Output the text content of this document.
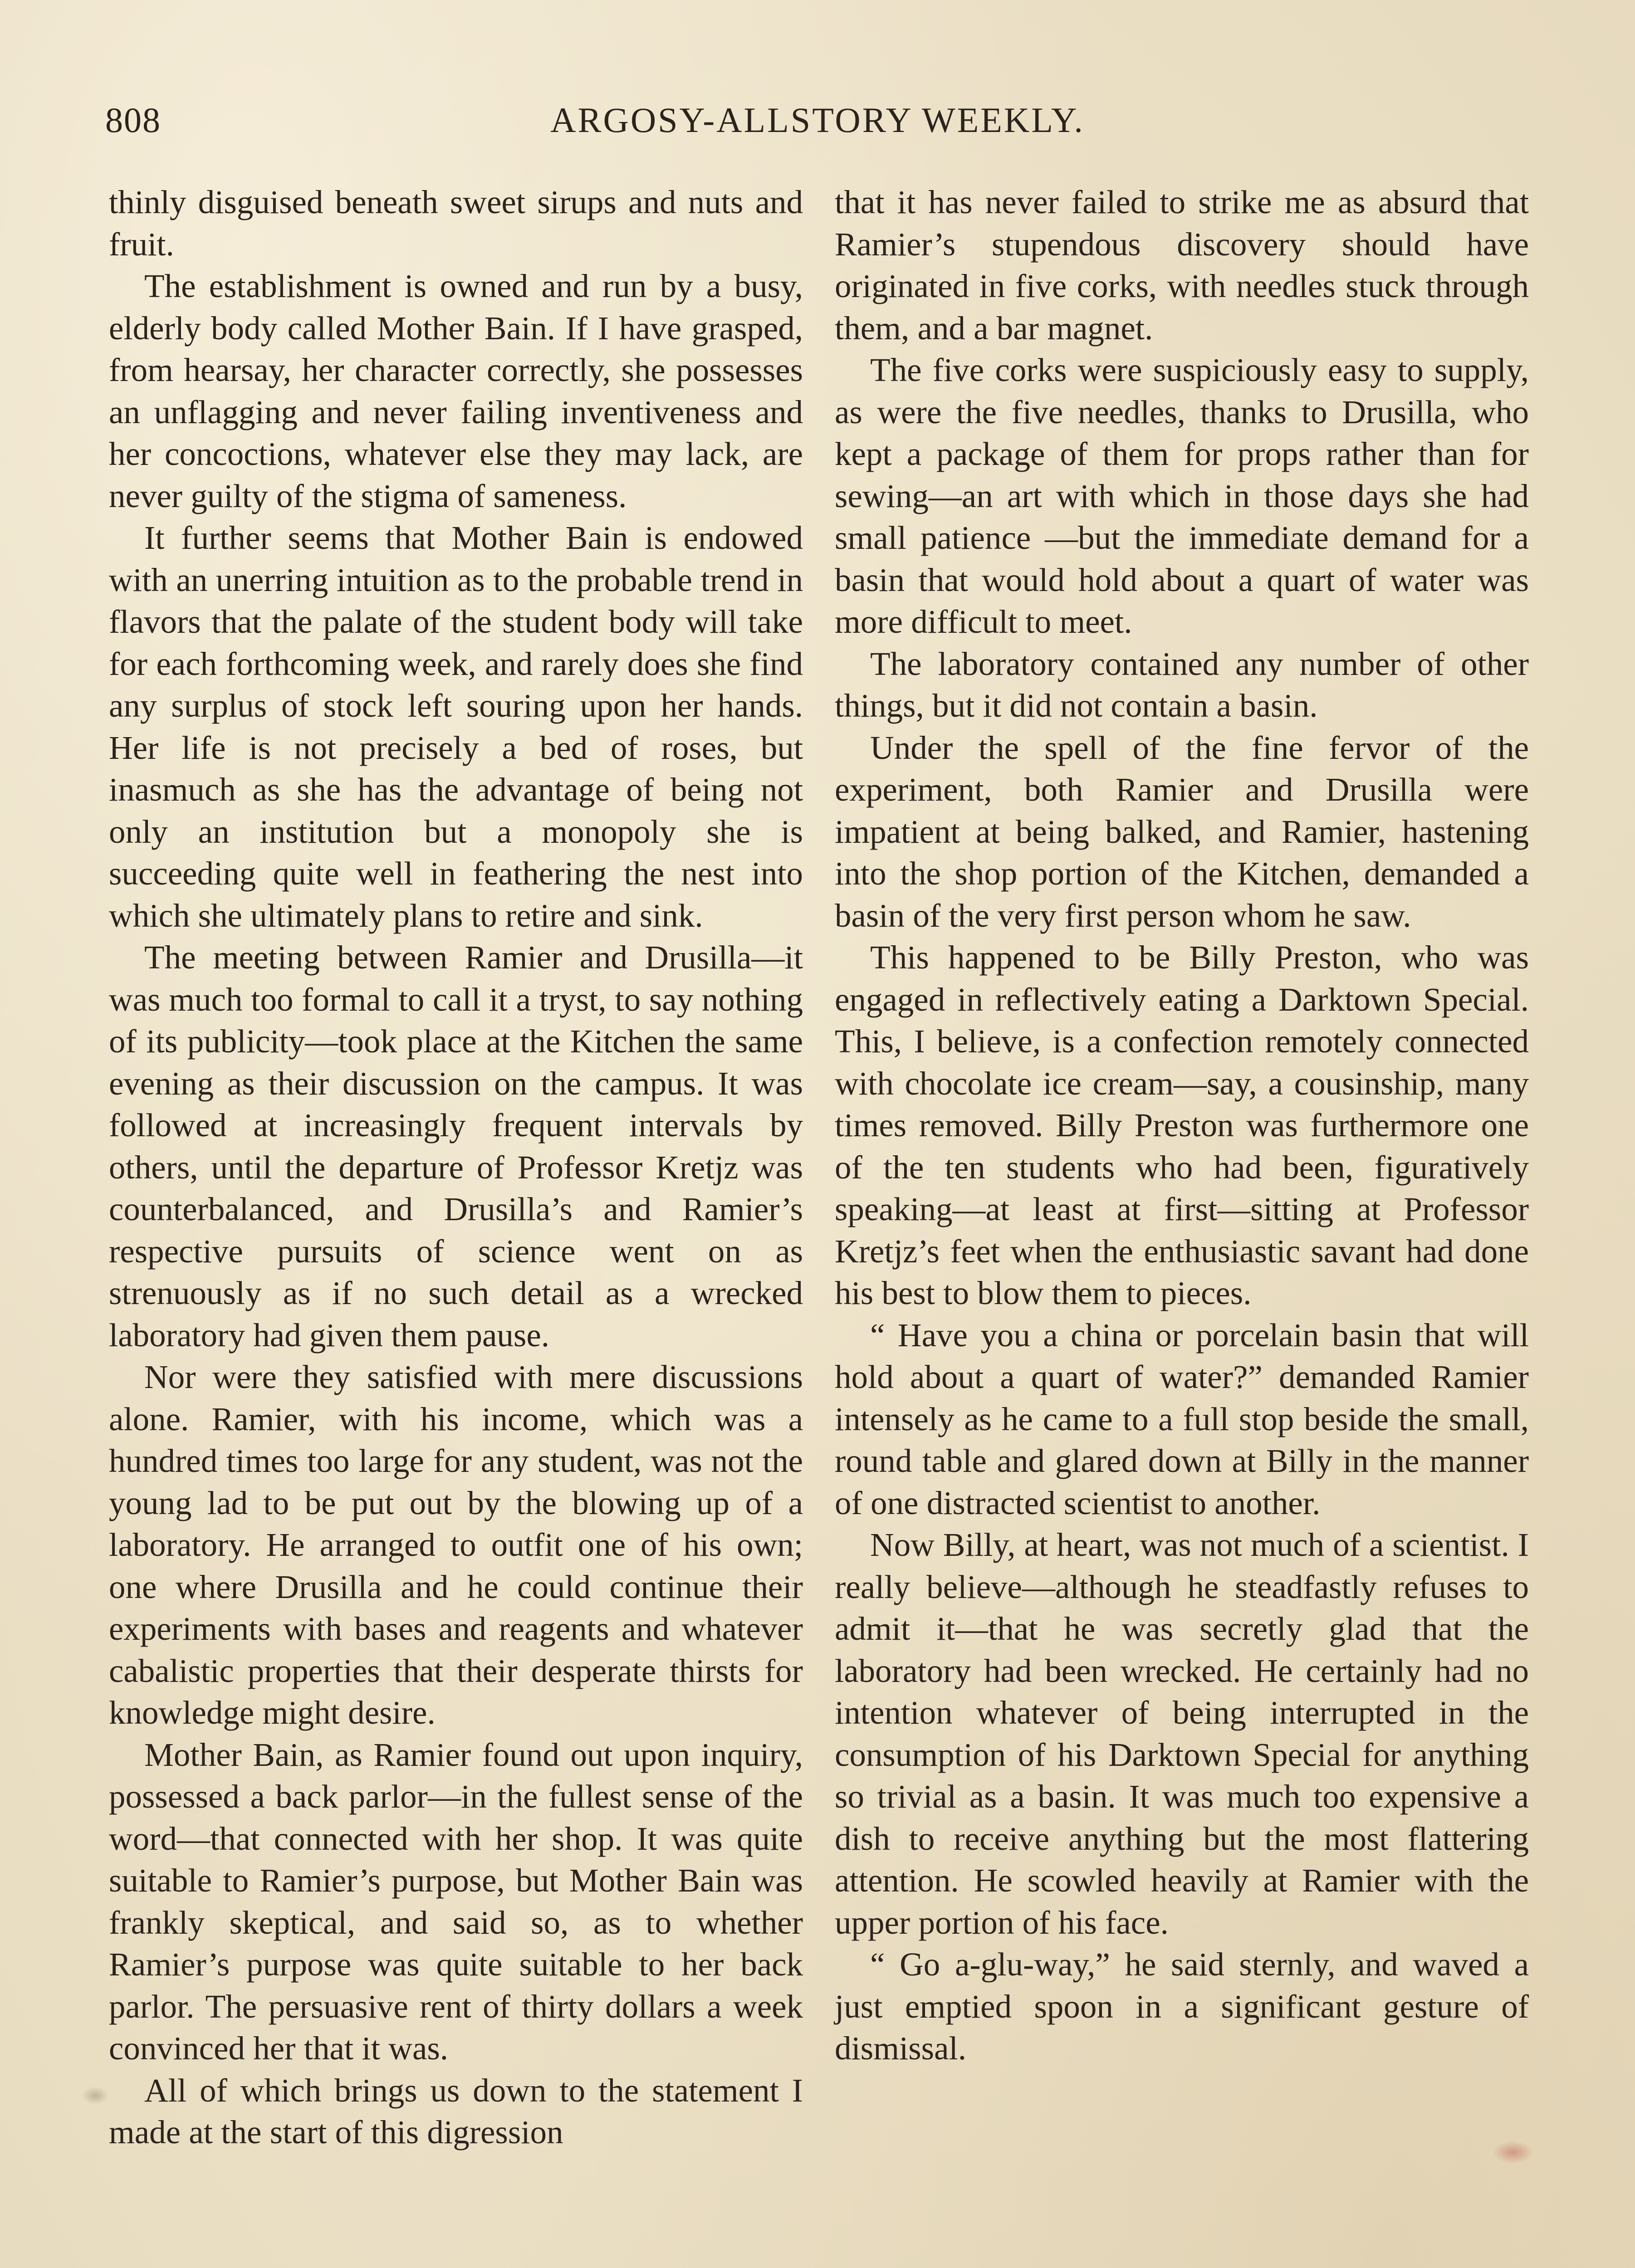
808	ARGOSY-ALLSTORY WEEKLY.

thinly disguised beneath sweet sirups and nuts and fruit.

The establishment is owned and run by a busy, elderly body called Mother Bain. If I have grasped, from hearsay, her character correctly, she possesses an unflagging and never failing inventiveness and her concoctions, whatever else they may lack, are never guilty of the stigma of sameness.

It further seems that Mother Bain is endowed with an unerring intuition as to the probable trend in flavors that the palate of the student body will take for each forthcoming week, and rarely does she find any surplus of stock left souring upon her hands. Her life is not precisely a bed of roses, but inasmuch as she has the advantage of being not only an institution but a monopoly she is succeeding quite well in feathering the nest into which she ultimately plans to retire and sink.

The meeting between Ramier and Drusilla—it was much too formal to call it a tryst, to say nothing of its publicity—took place at the Kitchen the same evening as their discussion on the campus. It was followed at increasingly frequent intervals by others, until the departure of Professor Kretjz was counterbalanced, and Drusilla’s and Ramier’s respective pursuits of science went on as strenuously as if no such detail as a wrecked laboratory had given them pause.

Nor were they satisfied with mere discussions alone. Ramier, with his income, which was a hundred times too large for any student, was not the young lad to be put out by the blowing up of a laboratory. He arranged to outfit one of his own; one where Drusilla and he could continue their experiments with bases and reagents and whatever cabalistic properties that their desperate thirsts for knowledge might desire.

Mother Bain, as Ramier found out upon inquiry, possessed a back parlor—in the fullest sense of the word—that connected with her shop. It was quite suitable to Ramier’s purpose, but Mother Bain was frankly skeptical, and said so, as to whether Ramier’s purpose was quite suitable to her back parlor. The persuasive rent of thirty dollars a week convinced her that it was.

All of which brings us down to the statement I made at the start of this digression

that it has never failed to strike me as absurd that Ramier’s stupendous discovery should have originated in five corks, with needles stuck through them, and a bar magnet.

The five corks were suspiciously easy to supply, as were the five needles, thanks to Drusilla, who kept a package of them for props rather than for sewing—an art with which in those days she had small patience —but the immediate demand for a basin that would hold about a quart of water was more difficult to meet.

The laboratory contained any number of other things, but it did not contain a basin.

Under the spell of the fine fervor of the experiment, both Ramier and Drusilla were impatient at being balked, and Ramier, hastening into the shop portion of the Kitchen, demanded a basin of the very first person whom he saw.

This happened to be Billy Preston, who was engaged in reflectively eating a Darktown Special. This, I believe, is a confection remotely connected with chocolate ice cream—say, a cousinship, many times removed. Billy Preston was furthermore one of the ten students who had been, figuratively speaking—at least at first—sitting at Professor Kretjz’s feet when the enthusiastic savant had done his best to blow them to pieces.

“ Have you a china or porcelain basin that will hold about a quart of water?” demanded Ramier intensely as he came to a full stop beside the small, round table and glared down at Billy in the manner of one distracted scientist to another.

Now Billy, at heart, was not much of a scientist. I really believe—although he steadfastly refuses to admit it—that he was secretly glad that the laboratory had been wrecked. He certainly had no intention whatever of being interrupted in the consumption of his Darktown Special for anything so trivial as a basin. It was much too expensive a dish to receive anything but the most flattering attention. He scowled heavily at Ramier with the upper portion of his face.

“ Go a-glu-way,” he said sternly, and waved a just emptied spoon in a significant gesture of dismissal.
